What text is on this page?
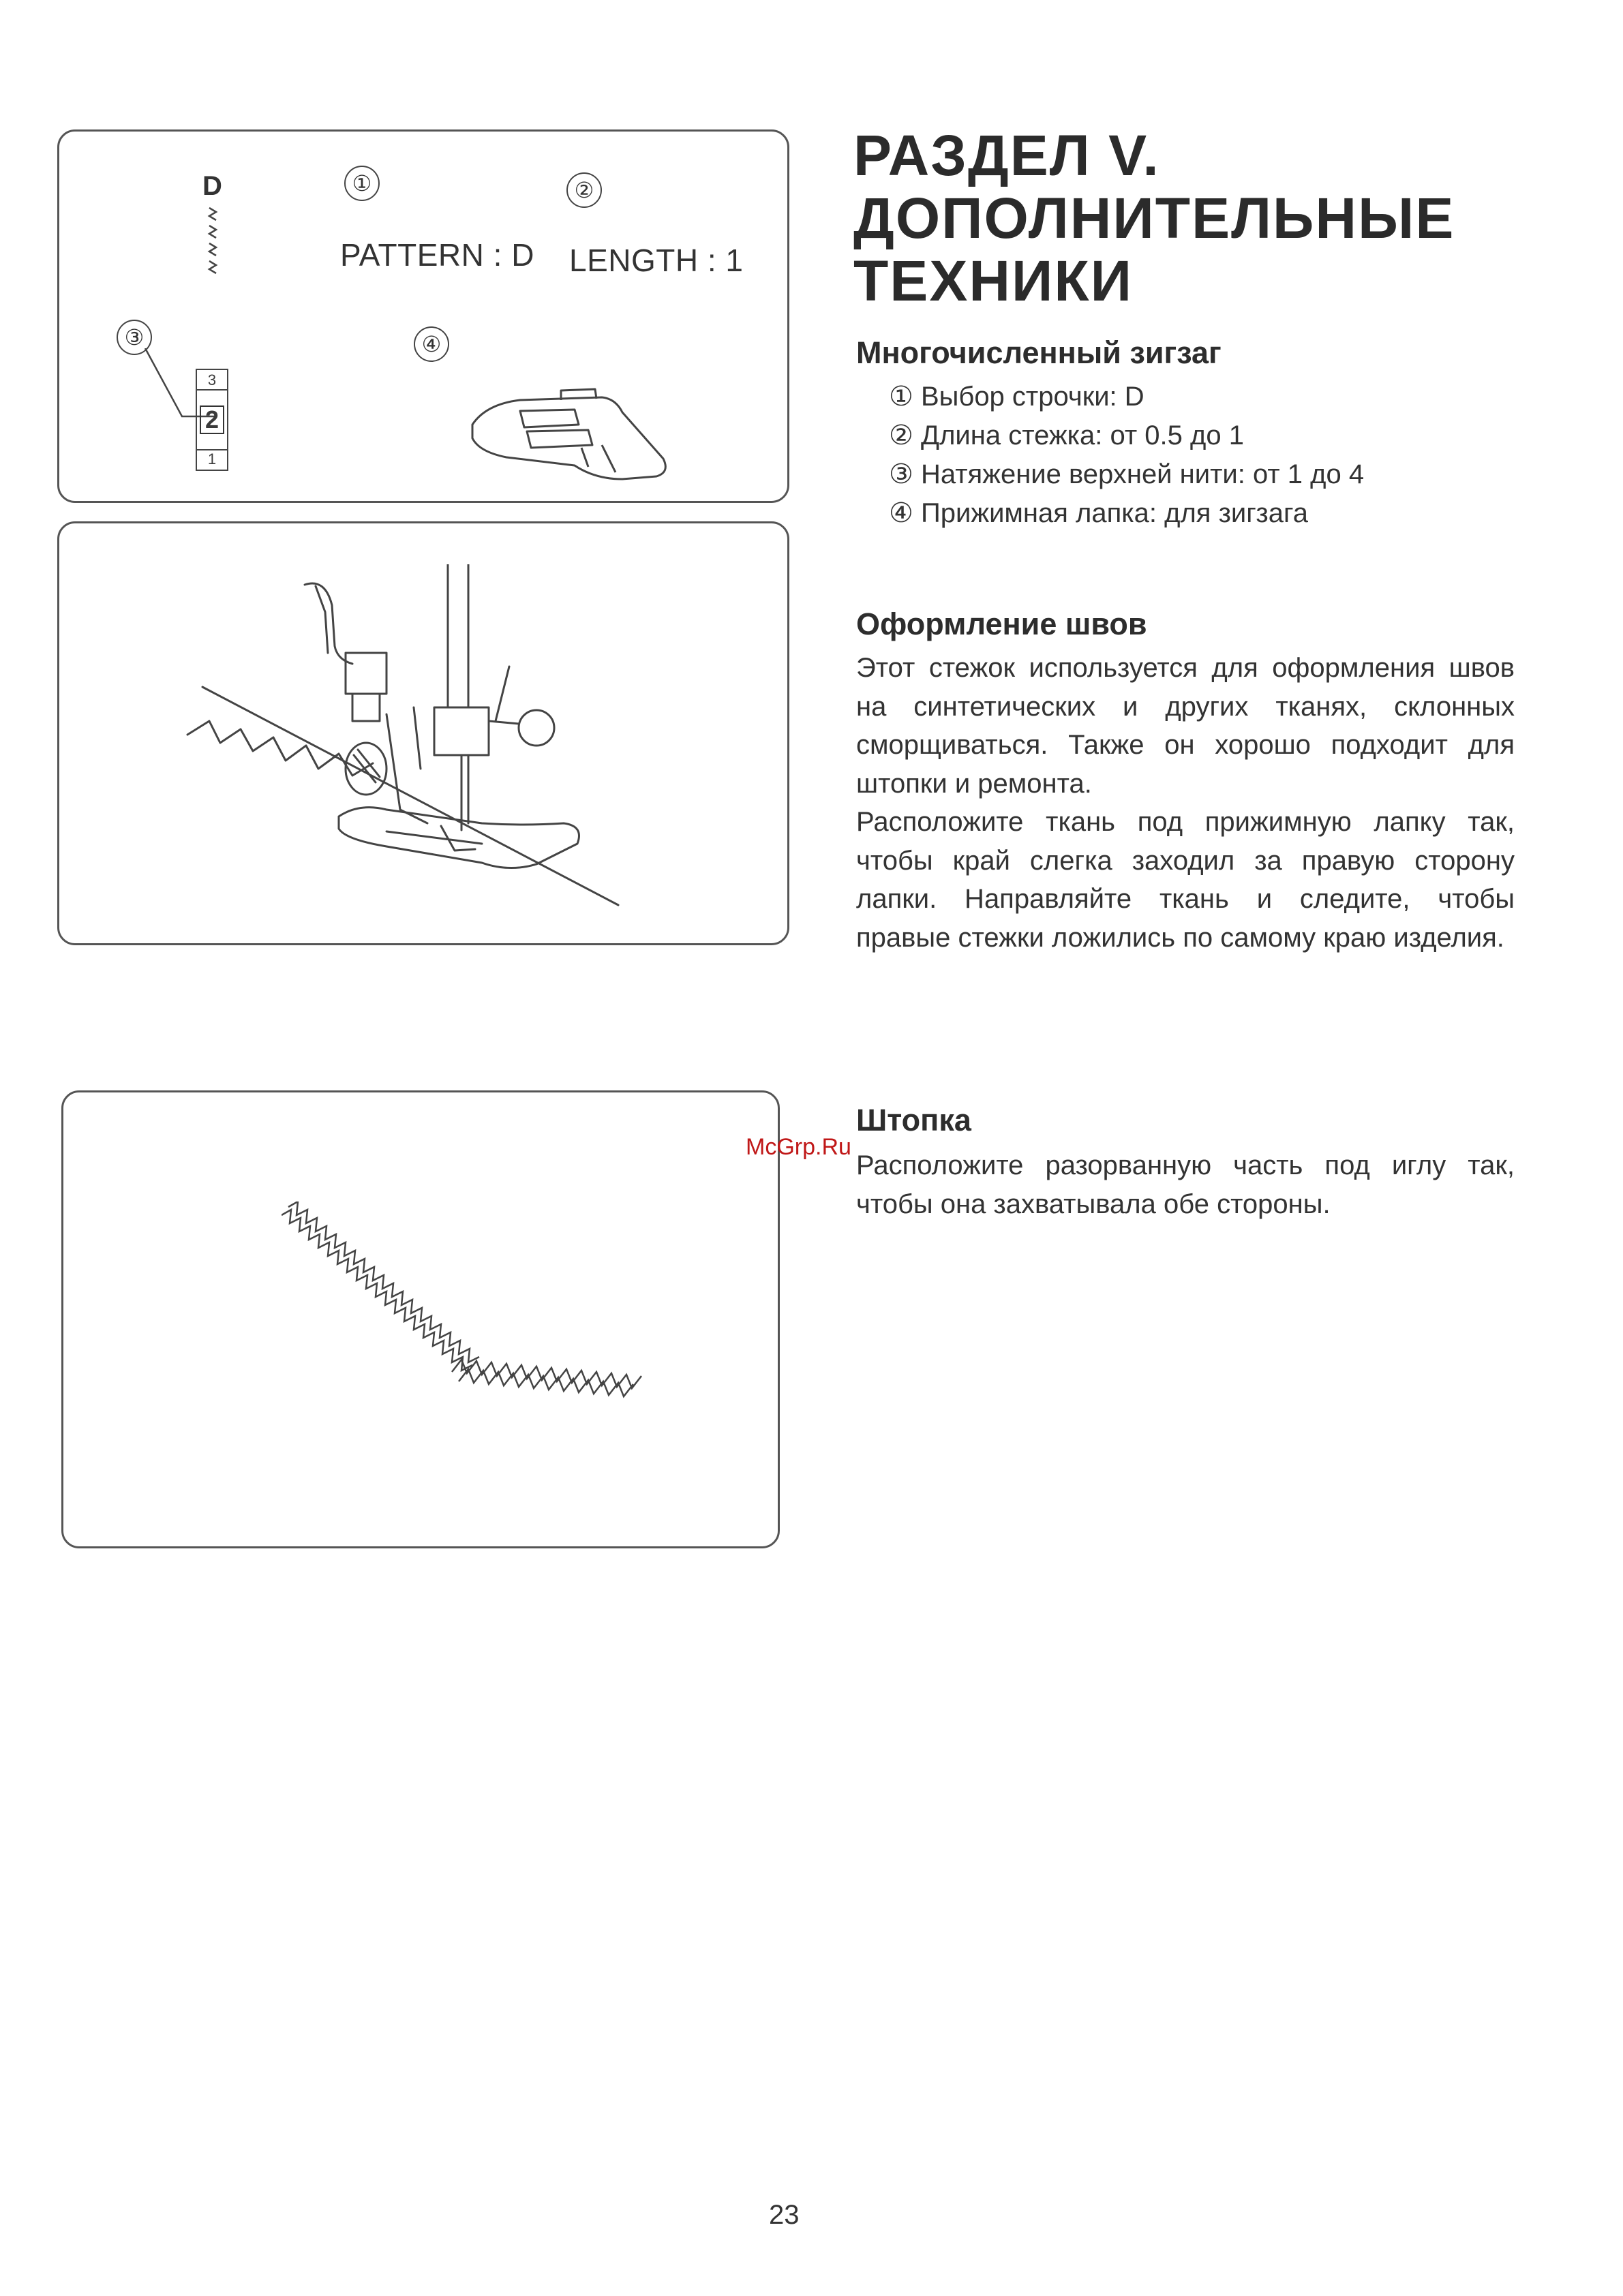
D	①	②
PATTERN : D LENGTH : 1
③
3
2
1
④
РАЗДЕЛ V.
ДОПОЛНИТЕЛЬНЫЕ
ТЕХНИКИ
Многочисленный зигзаг
① Выбор строчки: D
② Длина стежка: от 0.5 до 1
③ Натяжение верхней нити: от 1 до 4
④ Прижимная лапка: для зигзага
Оформление швов

Этот стежок используется для оформления швов на синтетических и других тканях, склонных сморщиваться. Также он хорошо подходит для штопки и ремонта.

Расположите ткань под прижимную лапку так, чтобы край слегка заходил за правую сторону лапки. Направляйте ткань и следите, чтобы правые стежки ложились по самому краю изделия.

Штопка

Расположите разорванную часть под иглу так, чтобы она захватывала обе стороны.

McGrp.Ru
23
